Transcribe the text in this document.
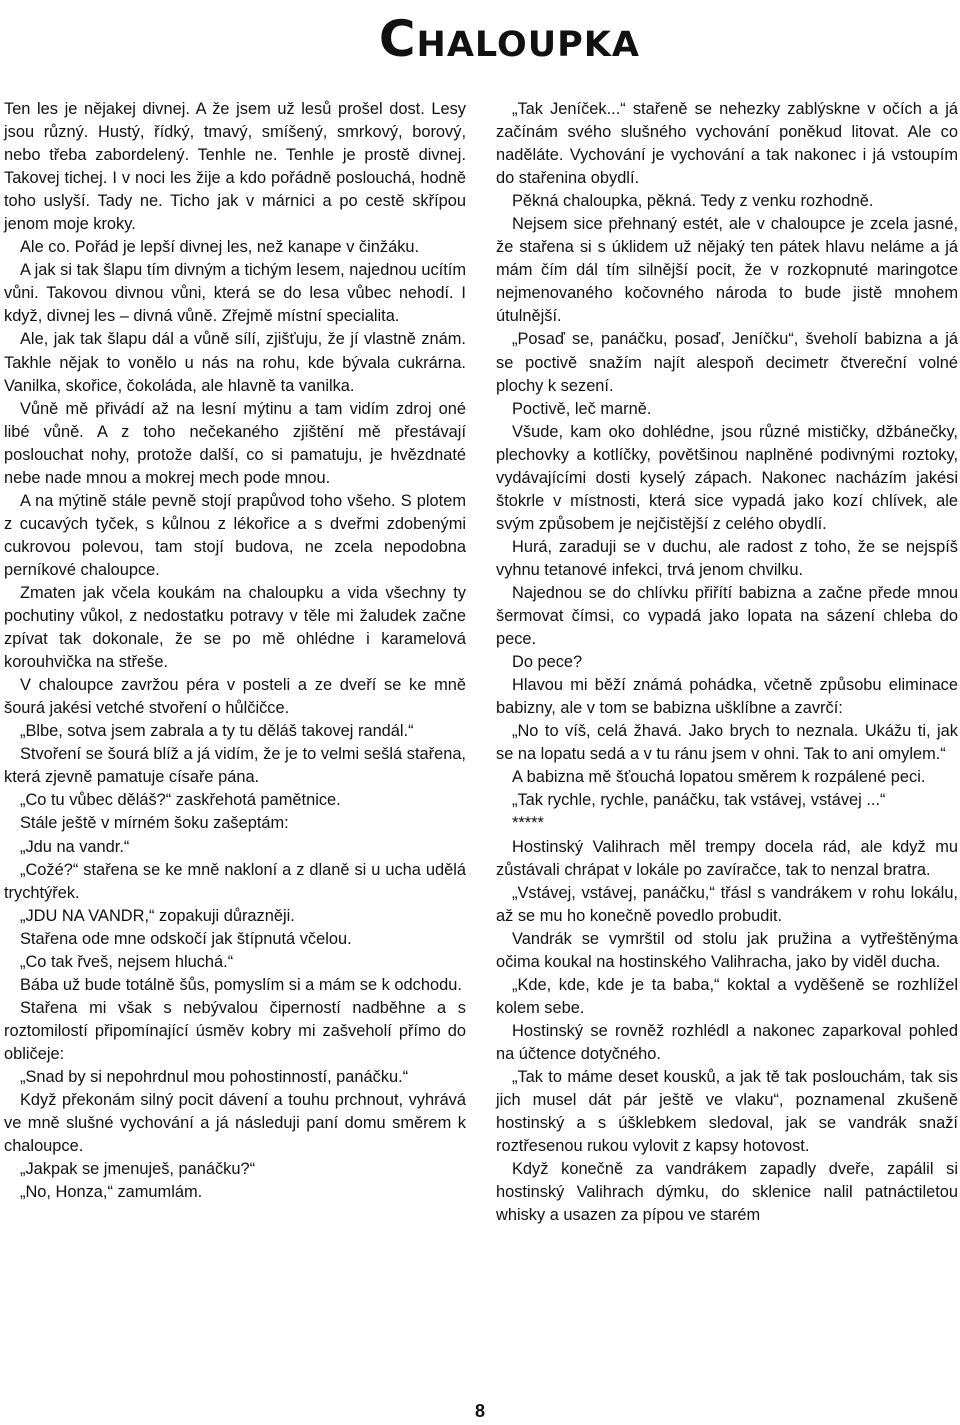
Chaloupka

Ten les je nějakej divnej. A že jsem už lesů prošel dost. Lesy jsou různý. Hustý, řídký, tmavý, smíšený, smrkový, borový, nebo třeba zabordelený. Tenhle ne. Tenhle je prostě divnej. Takovej tichej. I v noci les žije a kdo pořádně poslouchá, hodně toho uslyší. Tady ne. Ticho jak v márnici a po cestě skřípou jenom moje kroky.

Ale co. Pořád je lepší divnej les, než kanape v činžáku.

A jak si tak šlapu tím divným a tichým lesem, najednou ucítím vůni. Takovou divnou vůni, která se do lesa vůbec nehodí. I když, divnej les – divná vůně. Zřejmě místní specialita.

Ale, jak tak šlapu dál a vůně sílí, zjišťuju, že jí vlastně znám. Takhle nějak to vonělo u nás na rohu, kde bývala cukrárna. Vanilka, skořice, čokoláda, ale hlavně ta vanilka.

Vůně mě přivádí až na lesní mýtinu a tam vidím zdroj oné libé vůně. A z toho nečekaného zjištění mě přestávají poslouchat nohy, protože další, co si pamatuju, je hvězdnaté nebe nade mnou a mokrej mech pode mnou.

A na mýtině stále pevně stojí prapůvod toho všeho. S plotem z cucavých tyček, s kůlnou z lékořice a s dveřmi zdobenými cukrovou polevou, tam stojí budova, ne zcela nepodobna perníkové chaloupce.

Zmaten jak včela koukám na chaloupku a vida všechny ty pochutiny vůkol, z nedostatku potravy v těle mi žaludek začne zpívat tak dokonale, že se po mě ohlédne i karamelová korouhvička na střeše.

V chaloupce zavržou péra v posteli a ze dveří se ke mně šourá jakési vetché stvoření o hůlčičce.

„Blbe, sotva jsem zabrala a ty tu děláš takovej randál.“

Stvoření se šourá blíž a já vidím, že je to velmi sešlá stařena, která zjevně pamatuje císaře pána.

„Co tu vůbec děláš?“ zaskřehotá pamětnice.

Stále ještě v mírném šoku zašeptám:

„Jdu na vandr.“

„Cožé?“ stařena se ke mně nakloní a z dlaně si u ucha udělá trychtýřek.

„JDU NA VANDR,“ zopakuji důrazněji.

Stařena ode mne odskočí jak štípnutá včelou.

„Co tak řveš, nejsem hluchá.“

Bába už bude totálně šůs, pomyslím si a mám se k odchodu.

Stařena mi však s nebývalou čiperností nadběhne a s roztomilostí připomínající úsměv kobry mi zašveholí přímo do obličeje:

„Snad by si nepohrdnul mou pohostinností, panáčku.“

Když překonám silný pocit dávení a touhu prchnout, vyhrává ve mně slušné vychování a já následuji paní domu směrem k chaloupce.

„Jakpak se jmenuješ, panáčku?“

„No, Honza,“ zamumlám.

„Tak Jeníček...“ stařeně se nehezky zablýskne v očích a já začínám svého slušného vychování poněkud litovat. Ale co naděláte. Vychování je vychování a tak nakonec i já vstoupím do stařenina obydlí.

Pěkná chaloupka, pěkná. Tedy z venku rozhodně.

Nejsem sice přehnaný estét, ale v chaloupce je zcela jasné, že stařena si s úklidem už nějaký ten pátek hlavu neláme a já mám čím dál tím silnější pocit, že v rozkopnuté maringotce nejmenovaného kočovného národa to bude jistě mnohem útulnější.

„Posaď se, panáčku, posaď, Jeníčku“, šveholí babizna a já se poctivě snažím najít alespoň decimetr čtvereční volné plochy k sezení.

Poctivě, leč marně.

Všude, kam oko dohlédne, jsou různé mističky, džbánečky, plechovky a kotlíčky, povětšinou naplněné podivnými roztoky, vydávajícími dosti kyselý zápach. Nakonec nacházím jakési štokrle v místnosti, která sice vypadá jako kozí chlívek, ale svým způsobem je nejčistější z celého obydlí.

Hurá, zaraduji se v duchu, ale radost z toho, že se nejspíš vyhnu tetanové infekci, trvá jenom chvilku.

Najednou se do chlívku přiřítí babizna a začne přede mnou šermovat čímsi, co vypadá jako lopata na sázení chleba do pece.

Do pece?

Hlavou mi běží známá pohádka, včetně způsobu eliminace babizny, ale v tom se babizna ušklíbne a zavrčí:

„No to víš, celá žhavá. Jako brych to neznala. Ukážu ti, jak se na lopatu sedá a v tu ránu jsem v ohni. Tak to ani omylem.“

A babizna mě šťouchá lopatou směrem k rozpálené peci.

„Tak rychle, rychle, panáčku, tak vstávej, vstávej ...“

*****

Hostinský Valihrach měl trempy docela rád, ale když mu zůstávali chrápat v lokále po zavíračce, tak to nenzal bratra.

„Vstávej, vstávej, panáčku,“ třásl s vandrákem v rohu lokálu, až se mu ho konečně povedlo probudit.

Vandrák se vymrštil od stolu jak pružina a vytřeštěnýma očima koukal na hostinského Valihracha, jako by viděl ducha.

„Kde, kde, kde je ta baba,“ koktal a vyděšeně se rozhlížel kolem sebe.

Hostinský se rovněž rozhlédl a nakonec zaparkoval pohled na účtence dotyčného.

„Tak to máme deset kousků, a jak tě tak poslouchám, tak sis jich musel dát pár ještě ve vlaku“, poznamenal zkušeně hostinský a s úšklebkem sledoval, jak se vandrák snaží roztřesenou rukou vylovit z kapsy hotovost.

Když konečně za vandrákem zapadly dveře, zapálil si hostinský Valihrach dýmku, do sklenice nalil patnáctiletou whisky a usazen za pípou ve starém

8
